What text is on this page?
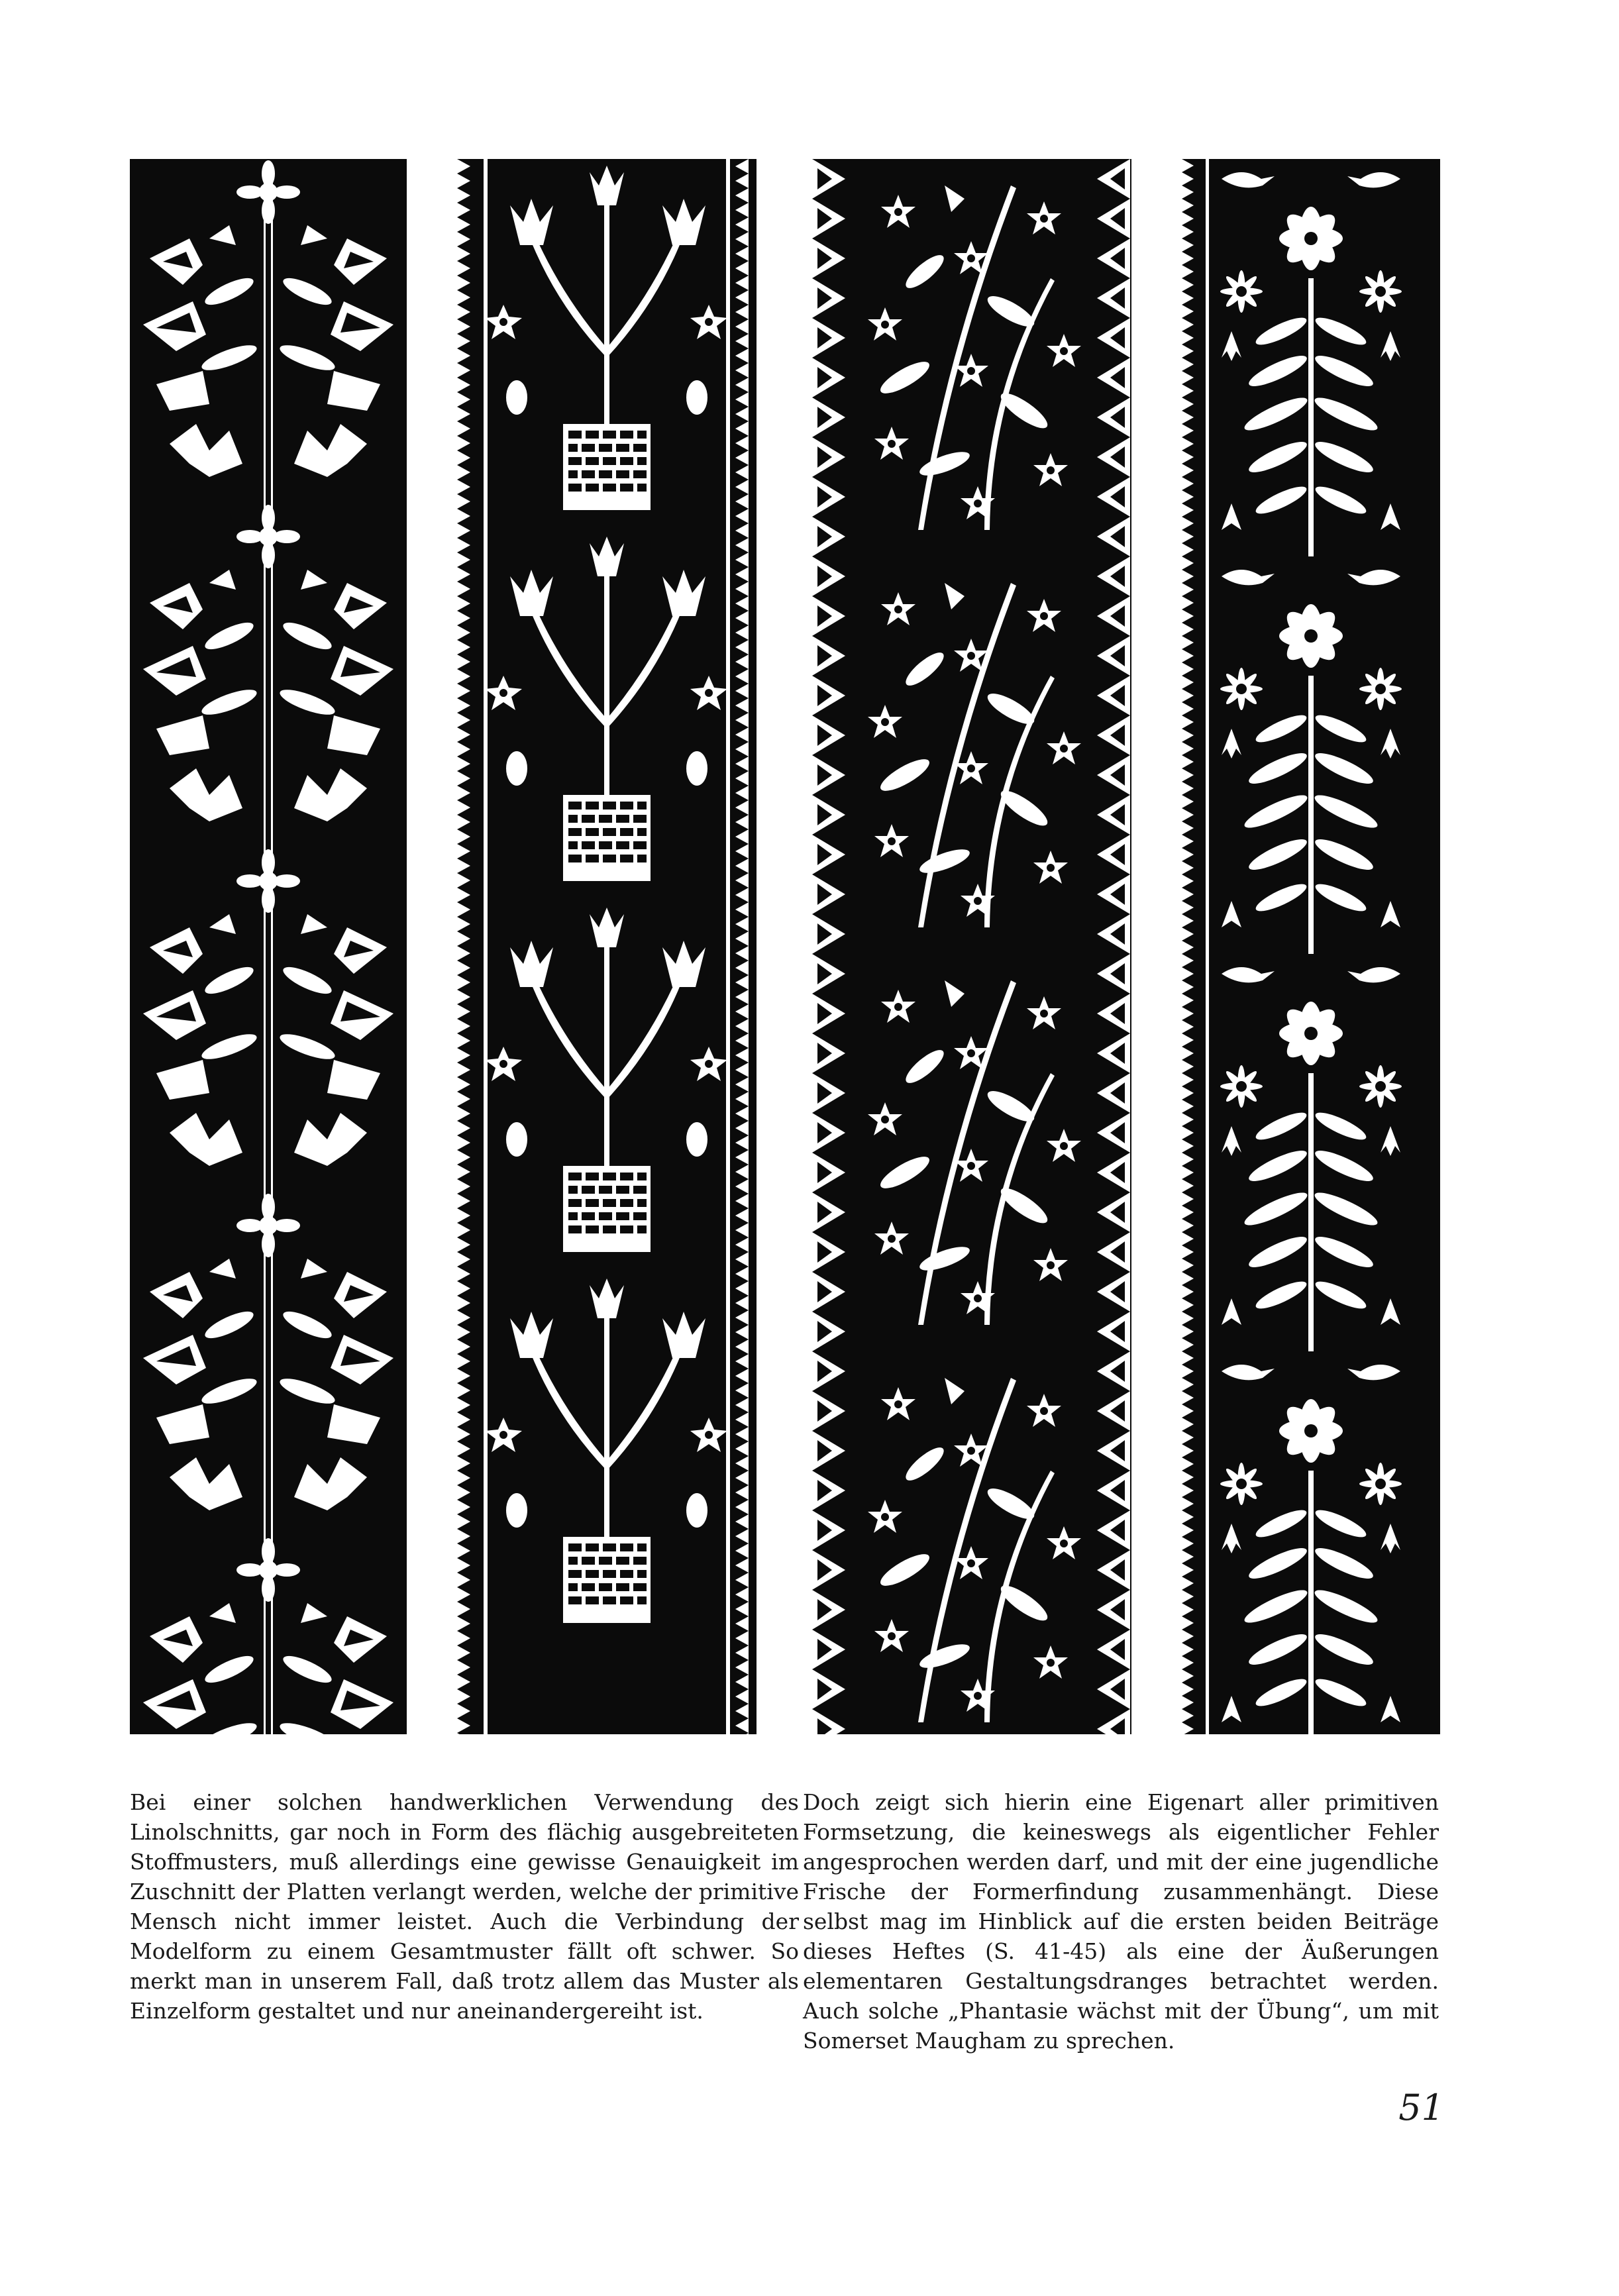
Bei einer solchen handwerklichen Verwendung des Linolschnitts, gar noch in Form des flächig ausgebreiteten Stoffmusters, muß allerdings eine gewisse Genauigkeit im Zuschnitt der Platten verlangt werden, welche der primitive Mensch nicht immer leistet. Auch die Verbindung der Modelform zu einem Gesamtmuster fällt oft schwer. So merkt man in unserem Fall, daß trotz allem das Muster als Einzelform gestaltet und nur aneinandergereiht ist.
Doch zeigt sich hierin eine Eigenart aller primitiven Formsetzung, die keineswegs als eigentlicher Fehler angesprochen werden darf, und mit der eine jugendliche Frische der Formerfindung zusammenhängt. Diese selbst mag im Hinblick auf die ersten beiden Beiträge dieses Heftes (S. 41-45) als eine der Äußerungen elementaren Gestaltungsdranges betrachtet werden. Auch solche „Phantasie wächst mit der Übung“, um mit Somerset Maugham zu sprechen.
51
